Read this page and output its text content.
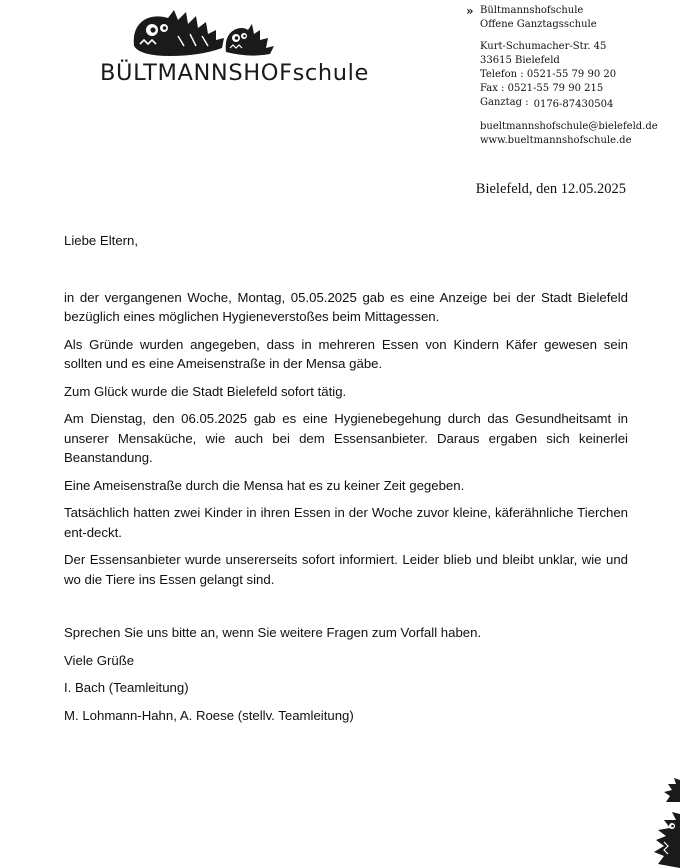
BÜLTMANNSHOFschule
» Bültmannshofschule
Offene Ganztagsschule
Kurt-Schumacher-Str. 45
33615 Bielefeld
Telefon : 0521-55 79 90 20
Fax : 0521-55 79 90 215
Ganztag : 0176-87430504
bueltmannshofschule@bielefeld.de
www.bueltmannshofschule.de
Bielefeld, den 12.05.2025

Liebe Eltern,

in der vergangenen Woche, Montag, 05.05.2025 gab es eine Anzeige bei der Stadt Bielefeld bezüglich eines möglichen Hygieneverstoßes beim Mittagessen.

Als Gründe wurden angegeben, dass in mehreren Essen von Kindern Käfer gewesen sein sollten und es eine Ameisenstraße in der Mensa gäbe.

Zum Glück wurde die Stadt Bielefeld sofort tätig.

Am Dienstag, den 06.05.2025 gab es eine Hygienebegehung durch das Gesundheitsamt in unserer Mensaküche, wie auch bei dem Essensanbieter. Daraus ergaben sich keinerlei Beanstandung.

Eine Ameisenstraße durch die Mensa hat es zu keiner Zeit gegeben.

Tatsächlich hatten zwei Kinder in ihren Essen in der Woche zuvor kleine, käferähnliche Tierchen ent-deckt.

Der Essensanbieter wurde unsererseits sofort informiert. Leider blieb und bleibt unklar, wie und wo die Tiere ins Essen gelangt sind.

Sprechen Sie uns bitte an, wenn Sie weitere Fragen zum Vorfall haben.

Viele Grüße

I. Bach (Teamleitung)

M. Lohmann-Hahn, A. Roese (stellv. Teamleitung)
